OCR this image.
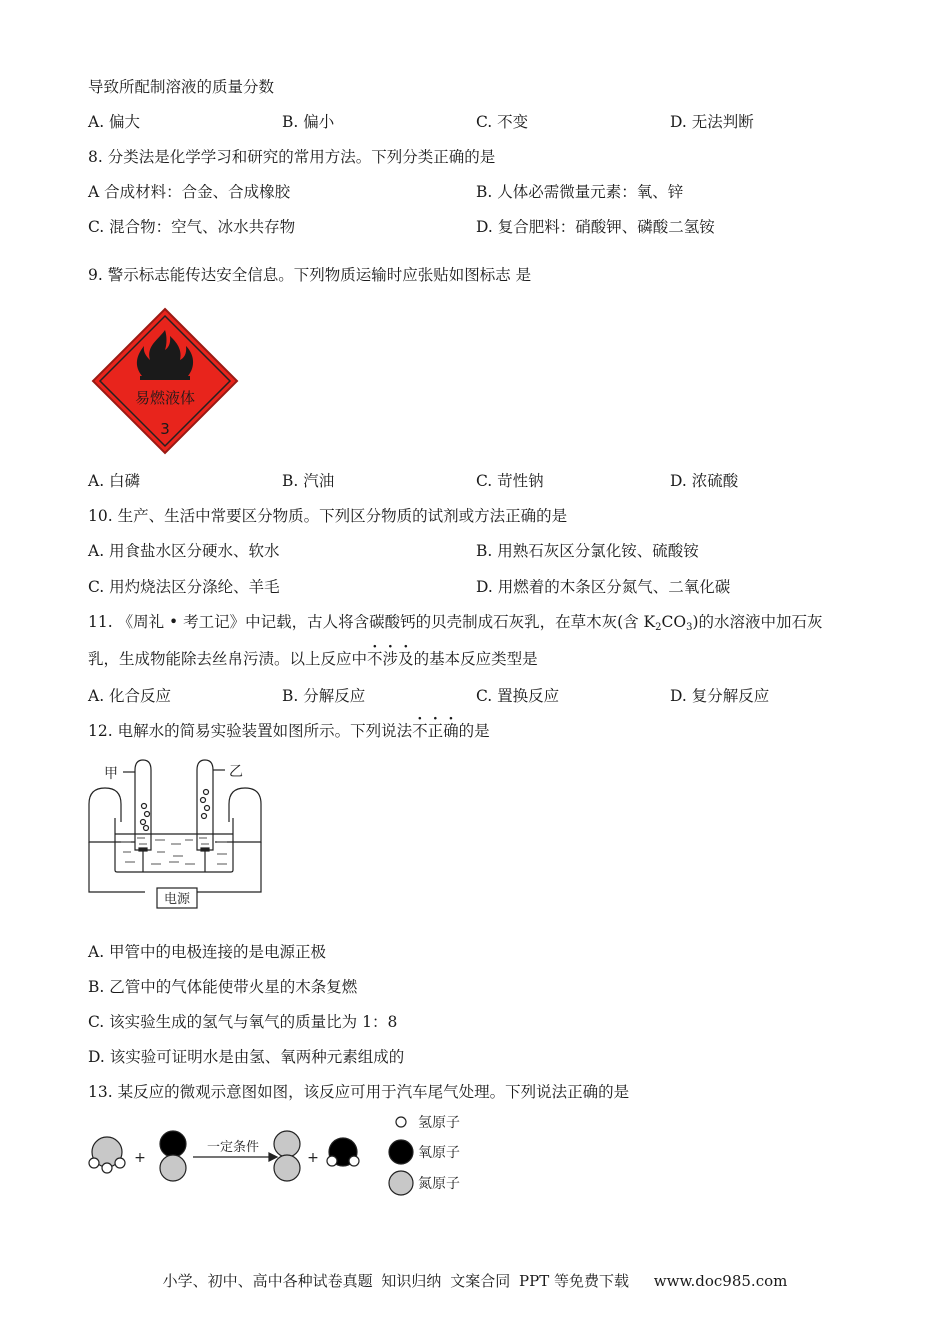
导致所配制溶液的质量分数
A. 偏大	B. 偏小	C. 不变	D. 无法判断
8. 分类法是化学学习和研究的常用方法。下列分类正确的是
A 合成材料：合金、合成橡胶	B. 人体必需微量元素：氧、锌
C. 混合物：空气、冰水共存物	D. 复合肥料：硝酸钾、磷酸二氢铵
9. 警示标志能传达安全信息。下列物质运输时应张贴如图标志 是
易燃液体
3
A. 白磷	B. 汽油	C. 苛性钠	D. 浓硫酸
10. 生产、生活中常要区分物质。下列区分物质的试剂或方法正确的是
A. 用食盐水区分硬水、软水	B. 用熟石灰区分氯化铵、硫酸铵
C. 用灼烧法区分涤纶、羊毛	D. 用燃着的木条区分氮气、二氧化碳
11. 《周礼 • 考工记》中记载，古人将含碳酸钙的贝壳制成石灰乳，在草木灰(含 $K_2CO_3$)的水溶液中加石灰
乳，生成物能除去丝帛污渍。以上反应中不涉及的基本反应类型是
A. 化合反应	B. 分解反应	C. 置换反应	D. 复分解反应
12. 电解水的简易实验装置如图所示。下列说法不正确的是
甲	乙
电源
A. 甲管中的电极连接的是电源正极
B. 乙管中的气体能使带火星的木条复燃
C. 该实验生成的氢气与氧气的质量比为 1：8
D. 该实验可证明水是由氢、氧两种元素组成的
13. 某反应的微观示意图如图，该反应可用于汽车尾气处理。下列说法正确的是
+	+
一定条件
氢原子
氧原子
氮原子
小学、初中、高中各种试卷真题 知识归纳 文案合同 PPT 等免费下载 www.doc985.com
